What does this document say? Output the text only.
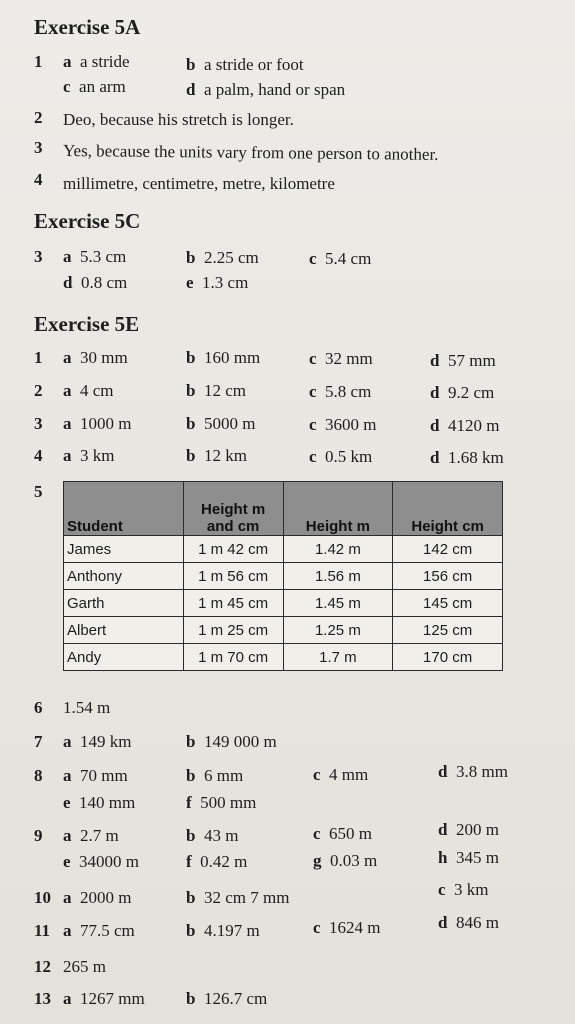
Exercise 5A
1 a a stride	b a stride or foot
c an arm	d a palm, hand or span
2 Deo, because his stretch is longer.
3 Yes, because the units vary from one person to another.
4 millimetre, centimetre, metre, kilometre
Exercise 5C
3 a 5.3 cm	b 2.25 cm	c 5.4 cm
d 0.8 cm	e 1.3 cm
Exercise 5E
1 a 30 mm	b 160 mm	c 32 mm	d 57 mm
2 a 4 cm	b 12 cm	c 5.8 cm	d 9.2 cm
3 a 1000 m	b 5000 m	c 3600 m	d 4120 m
4 a 3 km	b 12 km	c 0.5 km	d 1.68 km
5
Student	Height m and cm	Height m	Height cm
James	1 m 42 cm	1.42 m	142 cm
Anthony	1 m 56 cm	1.56 m	156 cm
Garth	1 m 45 cm	1.45 m	145 cm
Albert	1 m 25 cm	1.25 m	125 cm
Andy	1 m 70 cm	1.7 m	170 cm
6 1.54 m
7 a 149 km	b 149 000 m
8 a 70 mm	b 6 mm	c 4 mm	d 3.8 mm
e 140 mm	f 500 mm
9 a 2.7 m	b 43 m	c 650 m	d 200 m
e 34000 m	f 0.42 m	g 0.03 m	h 345 m
10 a 2000 m	b 32 cm 7 mm	c 3 km
11 a 77.5 cm	b 4.197 m	c 1624 m	d 846 m
12 265 m
13 a 1267 mm b 126.7 cm
